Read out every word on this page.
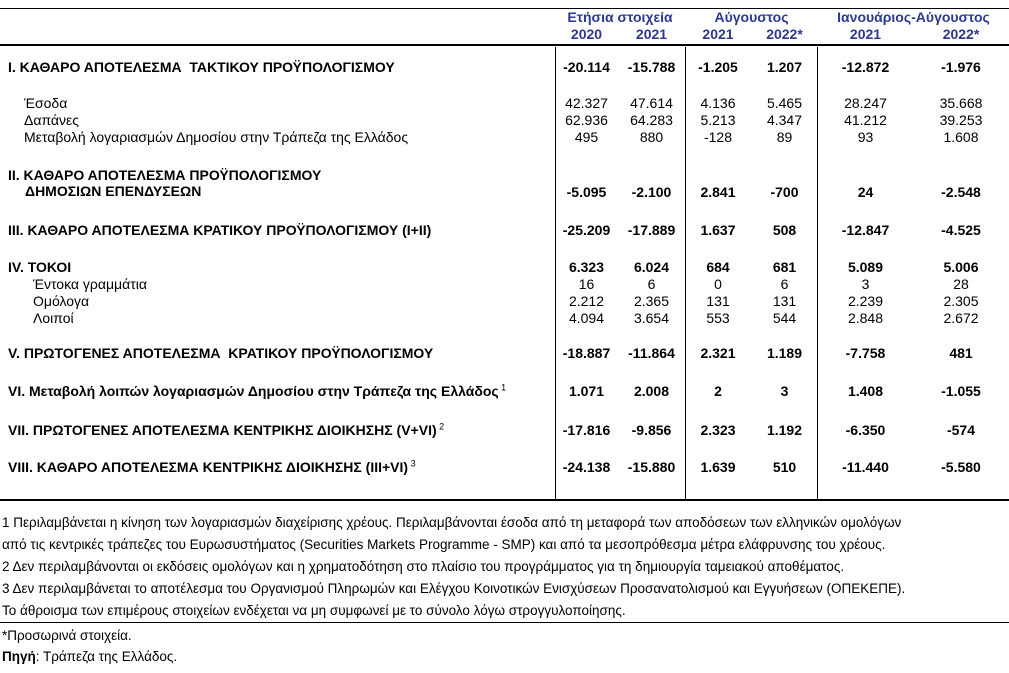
Ετήσια στοιχεία	Αύγουστος	Ιανουάριος-Αύγουστος
2020	2021	2021	2022*	2021	2022*
I. ΚΑΘΑΡΟ ΑΠΟΤΕΛΕΣΜΑ  ΤΑΚΤΙΚΟΥ ΠΡΟΫΠΟΛΟΓΙΣΜΟΥ	-20.114	-15.788	-1.205	1.207	-12.872	-1.976
Έσοδα	42.327	47.614	4.136	5.465	28.247	35.668
Δαπάνες	62.936	64.283	5.213	4.347	41.212	39.253
Μεταβολή λογαριασμών Δημοσίου στην Τράπεζα της Ελλάδος	495	880	-128	89	93	1.608
II. ΚΑΘΑΡΟ ΑΠΟΤΕΛΕΣΜΑ ΠΡΟΫΠΟΛΟΓΙΣΜΟΥ
ΔΗΜΟΣΙΩΝ ΕΠΕΝΔΥΣΕΩΝ	-5.095	-2.100	2.841	-700	24	-2.548
III. ΚΑΘΑΡΟ ΑΠΟΤΕΛΕΣΜΑ ΚΡΑΤΙΚΟΥ ΠΡΟΫΠΟΛΟΓΙΣΜΟΥ (I+II)	-25.209	-17.889	1.637	508	-12.847	-4.525
IV. ΤΟΚΟΙ	6.323	6.024	684	681	5.089	5.006
Έντοκα γραμμάτια	16	6	0	6	3	28
Ομόλογα	2.212	2.365	131	131	2.239	2.305
Λοιποί	4.094	3.654	553	544	2.848	2.672
V. ΠΡΩΤΟΓΕΝΕΣ ΑΠΟΤΕΛΕΣΜΑ  ΚΡΑΤΙΚΟΥ ΠΡΟΫΠΟΛΟΓΙΣΜΟΥ	-18.887	-11.864	2.321	1.189	-7.758	481
VI. Μεταβολή λοιπών λογαριασμών Δημοσίου στην Τράπεζα της Ελλάδος $^1$	1.071	2.008	2	3	1.408	-1.055
VII. ΠΡΩΤΟΓΕΝΕΣ ΑΠΟΤΕΛΕΣΜΑ ΚΕΝΤΡΙΚΗΣ ΔΙΟΙΚΗΣΗΣ (V+VI) $^2$	-17.816	-9.856	2.323	1.192	-6.350	-574
VIII. ΚΑΘΑΡΟ ΑΠΟΤΕΛΕΣΜΑ ΚΕΝΤΡΙΚΗΣ ΔΙΟΙΚΗΣΗΣ (III+VI) $^3$	-24.138	-15.880	1.639	510	-11.440	-5.580
1 Περιλαμβάνεται η κίνηση των λογαριασμών διαχείρισης χρέους. Περιλαμβάνονται έσοδα από τη μεταφορά των αποδόσεων των ελληνικών ομολόγων
από τις κεντρικές τράπεζες του Ευρωσυστήματος (Securities Markets Programme - SMP) και από τα μεσοπρόθεσμα μέτρα ελάφρυνσης του χρέους.
2 Δεν περιλαμβάνονται οι εκδόσεις ομολόγων και η χρηματοδότηση στο πλαίσιο του προγράμματος για τη δημιουργία ταμειακού αποθέματος.
3 Δεν περιλαμβάνεται το αποτέλεσμα του Οργανισμού Πληρωμών και Ελέγχου Κοινοτικών Ενισχύσεων Προσανατολισμού και Εγγυήσεων (ΟΠΕΚΕΠΕ).
Το άθροισμα των επιμέρους στοιχείων ενδέχεται να μη συμφωνεί με το σύνολο λόγω στρογγυλοποίησης.
*Προσωρινά στοιχεία.
Πηγή: Τράπεζα της Ελλάδος.
